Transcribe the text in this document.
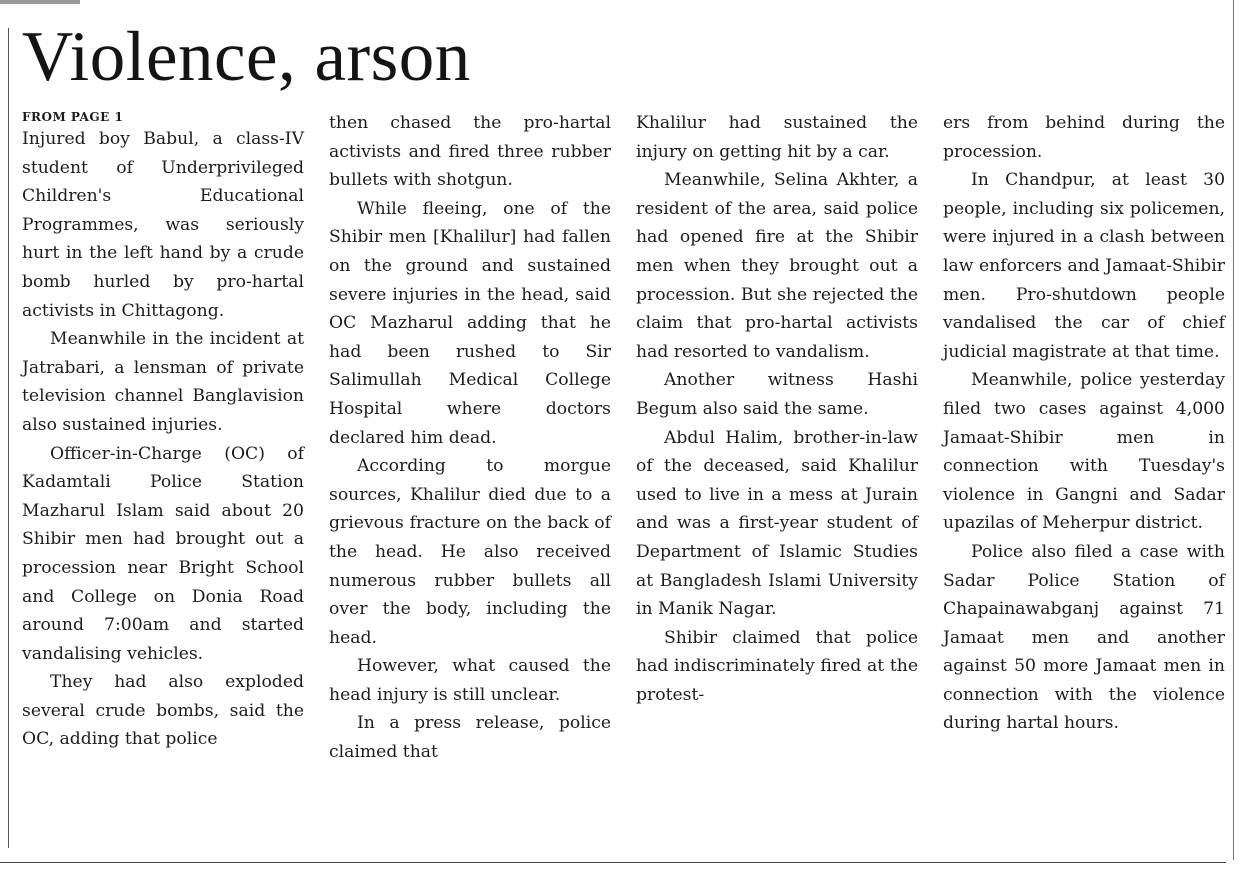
Violence, arson
FROM PAGE 1

Injured boy Babul, a class-IV student of Underprivileged Children's Educational Programmes, was seriously hurt in the left hand by a crude bomb hurled by pro-hartal activists in Chittagong.

Meanwhile in the incident at Jatrabari, a lensman of private television channel Banglavision also sustained injuries.

Officer-in-Charge (OC) of Kadamtali Police Station Mazharul Islam said about 20 Shibir men had brought out a procession near Bright School and College on Donia Road around 7:00am and started vandalising vehicles.

They had also exploded several crude bombs, said the OC, adding that police

then chased the pro-hartal activists and fired three rubber bullets with shotgun.

While fleeing, one of the Shibir men [Khalilur] had fallen on the ground and sustained severe injuries in the head, said OC Mazharul adding that he had been rushed to Sir Salimullah Medical College Hospital where doctors declared him dead.

According to morgue sources, Khalilur died due to a grievous fracture on the back of the head. He also received numerous rubber bullets all over the body, including the head.

However, what caused the head injury is still unclear.

In a press release, police claimed that

Khalilur had sustained the injury on getting hit by a car.

Meanwhile, Selina Akhter, a resident of the area, said police had opened fire at the Shibir men when they brought out a procession. But she rejected the claim that pro-hartal activists had resorted to vandalism.

Another witness Hashi Begum also said the same.

Abdul Halim, brother-in-law of the deceased, said Khalilur used to live in a mess at Jurain and was a first-year student of Department of Islamic Studies at Bangladesh Islami University in Manik Nagar.

Shibir claimed that police had indiscriminately fired at the protest-

ers from behind during the procession.

In Chandpur, at least 30 people, including six policemen, were injured in a clash between law enforcers and Jamaat-Shibir men. Pro-shutdown people vandalised the car of chief judicial magistrate at that time.

Meanwhile, police yesterday filed two cases against 4,000 Jamaat-Shibir men in connection with Tuesday's violence in Gangni and Sadar upazilas of Meherpur district.

Police also filed a case with Sadar Police Station of Chapainawabganj against 71 Jamaat men and another against 50 more Jamaat men in connection with the violence during hartal hours.
